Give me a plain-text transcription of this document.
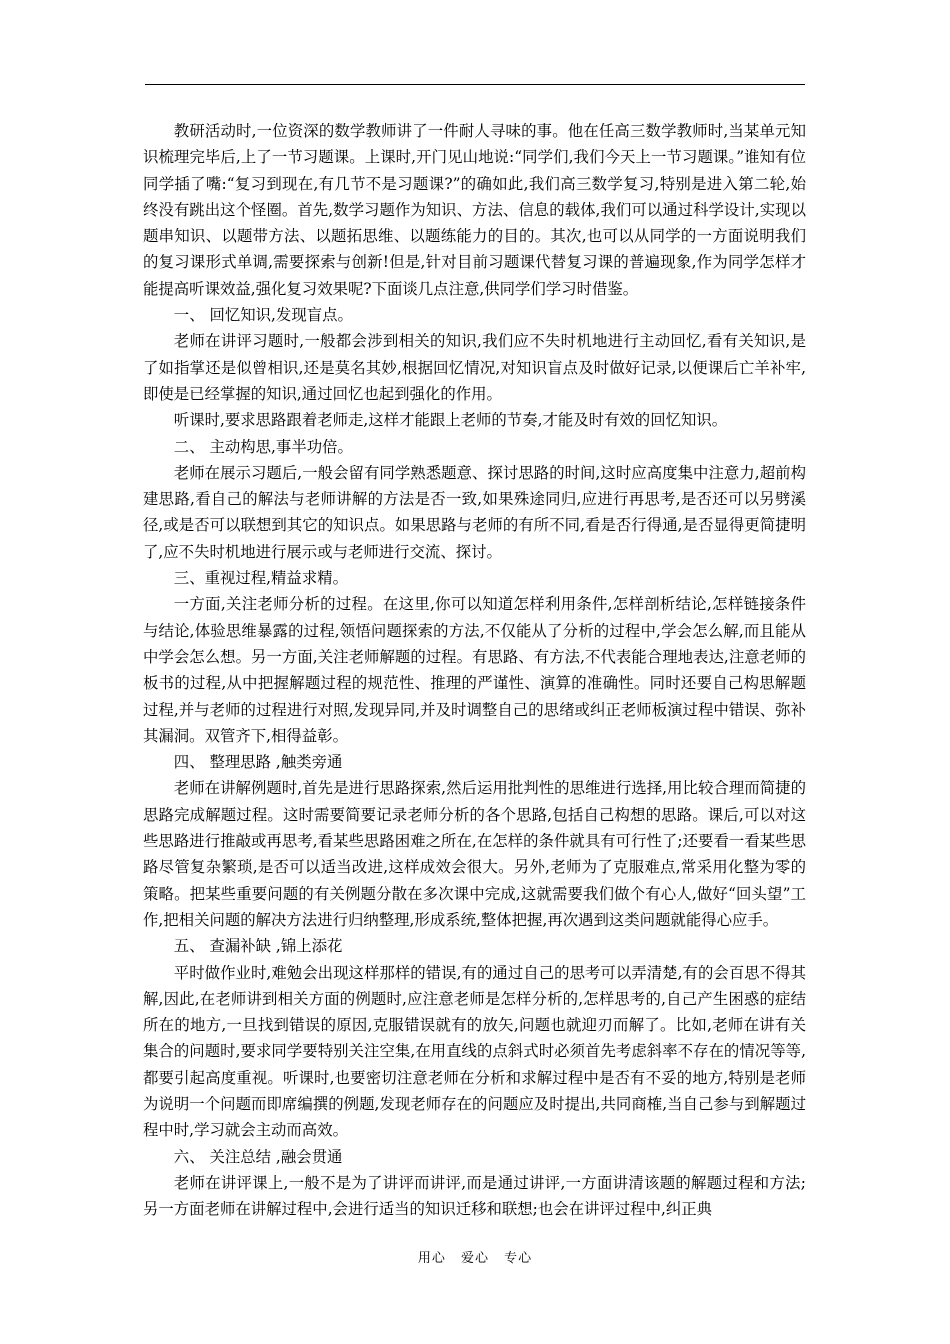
教研活动时,一位资深的数学教师讲了一件耐人寻味的事。他在任高三数学教师时,当某单元知识梳理完毕后,上了一节习题课。上课时,开门见山地说:“同学们,我们今天上一节习题课。”谁知有位同学插了嘴:“复习到现在,有几节不是习题课?”的确如此,我们高三数学复习,特别是进入第二轮,始终没有跳出这个怪圈。首先,数学习题作为知识、方法、信息的载体,我们可以通过科学设计,实现以题串知识、以题带方法、以题拓思维、以题练能力的目的。其次,也可以从同学的一方面说明我们的复习课形式单调,需要探索与创新!但是,针对目前习题课代替复习课的普遍现象,作为同学怎样才能提高听课效益,强化复习效果呢?下面谈几点注意,供同学们学习时借鉴。

一、 回忆知识,发现盲点。

老师在讲评习题时,一般都会涉到相关的知识,我们应不失时机地进行主动回忆,看有关知识,是了如指掌还是似曾相识,还是莫名其妙,根据回忆情况,对知识盲点及时做好记录,以便课后亡羊补牢,即使是已经掌握的知识,通过回忆也起到强化的作用。

听课时,要求思路跟着老师走,这样才能跟上老师的节奏,才能及时有效的回忆知识。

二、 主动构思,事半功倍。

老师在展示习题后,一般会留有同学熟悉题意、探讨思路的时间,这时应高度集中注意力,超前构建思路,看自己的解法与老师讲解的方法是否一致,如果殊途同归,应进行再思考,是否还可以另劈溪径,或是否可以联想到其它的知识点。如果思路与老师的有所不同,看是否行得通,是否显得更简捷明了,应不失时机地进行展示或与老师进行交流、探讨。

三、重视过程,精益求精。

一方面,关注老师分析的过程。在这里,你可以知道怎样利用条件,怎样剖析结论,怎样链接条件与结论,体验思维暴露的过程,领悟问题探索的方法,不仅能从了分析的过程中,学会怎么解,而且能从中学会怎么想。另一方面,关注老师解题的过程。有思路、有方法,不代表能合理地表达,注意老师的板书的过程,从中把握解题过程的规范性、推理的严谨性、演算的准确性。同时还要自己构思解题过程,并与老师的过程进行对照,发现异同,并及时调整自己的思绪或纠正老师板演过程中错误、弥补其漏洞。双管齐下,相得益彰。

四、 整理思路 ,触类旁通

老师在讲解例题时,首先是进行思路探索,然后运用批判性的思维进行选择,用比较合理而简捷的思路完成解题过程。这时需要简要记录老师分析的各个思路,包括自己构想的思路。课后,可以对这些思路进行推敲或再思考,看某些思路困难之所在,在怎样的条件就具有可行性了;还要看一看某些思路尽管复杂繁琐,是否可以适当改进,这样成效会很大。另外,老师为了克服难点,常采用化整为零的策略。把某些重要问题的有关例题分散在多次课中完成,这就需要我们做个有心人,做好“回头望”工作,把相关问题的解决方法进行归纳整理,形成系统,整体把握,再次遇到这类问题就能得心应手。

五、 查漏补缺 ,锦上添花

平时做作业时,难勉会出现这样那样的错误,有的通过自己的思考可以弄清楚,有的会百思不得其解,因此,在老师讲到相关方面的例题时,应注意老师是怎样分析的,怎样思考的,自己产生困惑的症结所在的地方,一旦找到错误的原因,克服错误就有的放矢,问题也就迎刃而解了。比如,老师在讲有关集合的问题时,要求同学要特别关注空集,在用直线的点斜式时必须首先考虑斜率不存在的情况等等,都要引起高度重视。听课时,也要密切注意老师在分析和求解过程中是否有不妥的地方,特别是老师为说明一个问题而即席编撰的例题,发现老师存在的问题应及时提出,共同商榷,当自己参与到解题过程中时,学习就会主动而高效。

六、 关注总结 ,融会贯通

老师在讲评课上,一般不是为了讲评而讲评,而是通过讲评,一方面讲清该题的解题过程和方法;另一方面老师在讲解过程中,会进行适当的知识迁移和联想;也会在讲评过程中,纠正典

用心 爱心 专心
